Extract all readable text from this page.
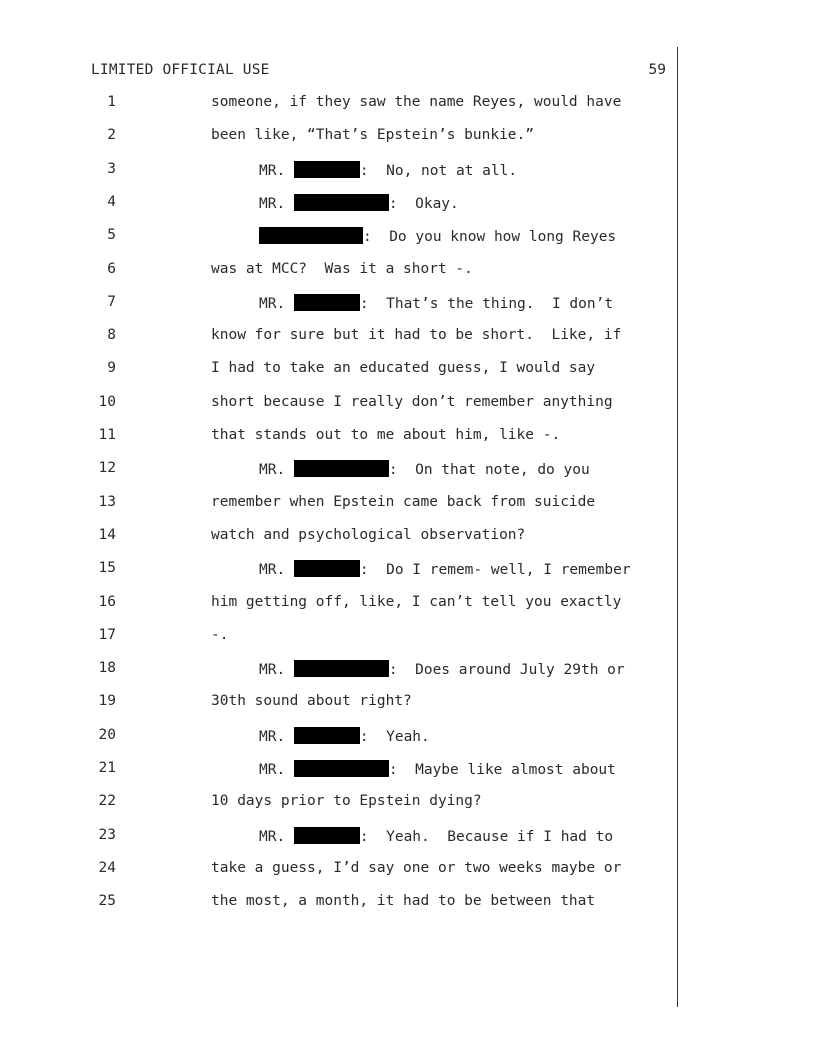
LIMITED OFFICIAL USE	59
1	someone, if they saw the name Reyes, would have
2	been like, “That’s Epstein’s bunkie.”
3	MR.	:  No, not at all.
4	MR.	:  Okay.
5	:  Do you know how long Reyes
6	was at MCC?  Was it a short -.
7	MR.	:  That’s the thing.  I don’t
8	know for sure but it had to be short.  Like, if
9	I had to take an educated guess, I would say
10	short because I really don’t remember anything
11	that stands out to me about him, like -.
12	MR.	:  On that note, do you
13	remember when Epstein came back from suicide
14	watch and psychological observation?
15	MR.	:  Do I remem- well, I remember
16	him getting off, like, I can’t tell you exactly
17	-.
18	MR.	:  Does around July 29th or
19	30th sound about right?
20	MR.	:  Yeah.
21	MR.	:  Maybe like almost about
22	10 days prior to Epstein dying?
23	MR.	:  Yeah.  Because if I had to
24	take a guess, I’d say one or two weeks maybe or
25	the most, a month, it had to be between that
